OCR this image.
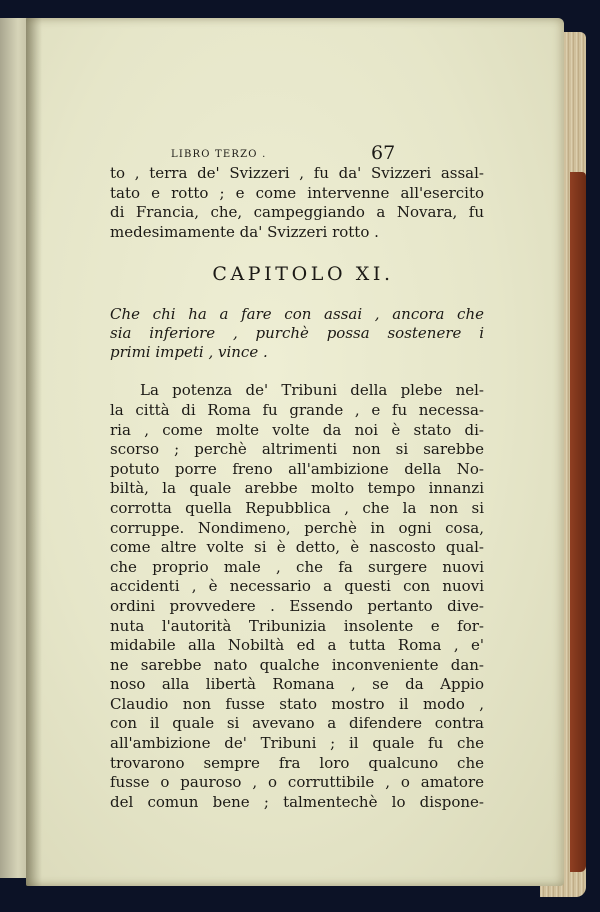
LIBRO TERZO .	67
to , terra de' Svizzeri , fu da' Svizzeri assal-
tato e rotto ; e come intervenne all'esercito
di Francia, che, campeggiando a Novara, fu
medesimamente da' Svizzeri rotto .
CAPITOLO XI.
Che chi ha a fare con assai , ancora che
sia inferiore , purchè possa sostenere i
primi impeti , vince .
La potenza de' Tribuni della plebe nel-
la città di Roma fu grande , e fu necessa-
ria , come molte volte da noi è stato di-
scorso ; perchè altrimenti non si sarebbe
potuto porre freno all'ambizione della No-
biltà, la quale arebbe molto tempo innanzi
corrotta quella Repubblica , che la non si
corruppe. Nondimeno, perchè in ogni cosa,
come altre volte si è detto, è nascosto qual-
che proprio male , che fa surgere nuovi
accidenti , è necessario a questi con nuovi
ordini provvedere . Essendo pertanto dive-
nuta l'autorità Tribunizia insolente e for-
midabile alla Nobiltà ed a tutta Roma , e'
ne sarebbe nato qualche inconveniente dan-
noso alla libertà Romana , se da Appio
Claudio non fusse stato mostro il modo ,
con il quale si avevano a difendere contra
all'ambizione de' Tribuni ; il quale fu che
trovarono sempre fra loro qualcuno che
fusse o pauroso , o corruttibile , o amatore
del comun bene ; talmentechè lo dispone-
